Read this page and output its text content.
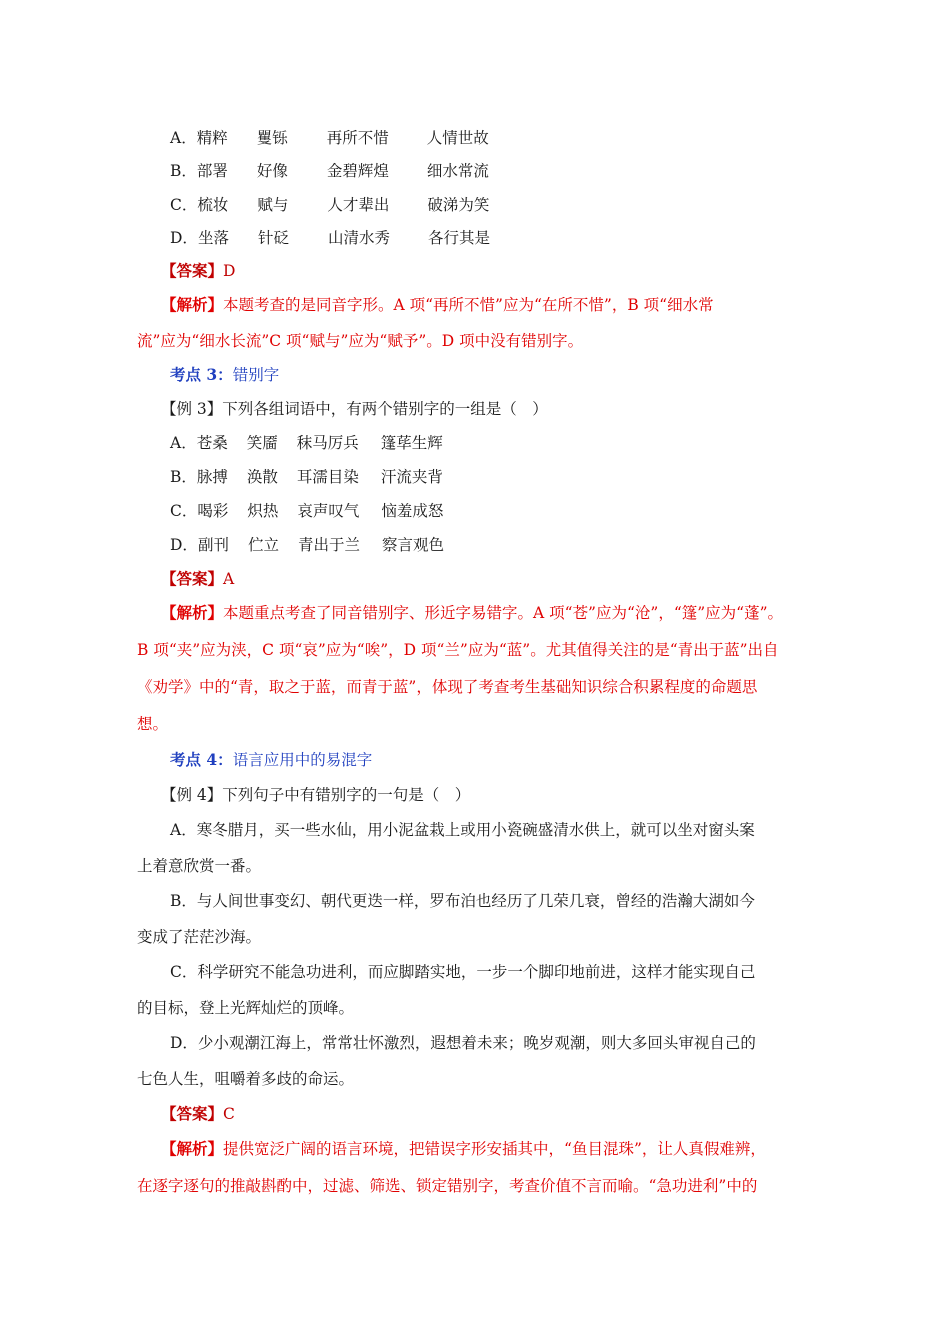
A．精粹 矍铄	再所不惜 人情世故
B．部署 好像	金碧辉煌 细水常流
C．梳妆 赋与	人才辈出 破涕为笑
D．坐落 针砭	山清水秀 各行其是
【答案】D
【解析】本题考查的是同音字形。A 项“再所不惜”应为“在所不惜”，B 项“细水常
流”应为“细水长流”C 项“赋与”应为“赋予”。D 项中没有错别字。
考点 3：错别字
【例 3】下列各组词语中，有两个错别字的一组是（　）
A．苍桑 笑靥 秣马厉兵 篷荜生辉
B．脉搏 涣散 耳濡目染 汗流夹背
C．喝彩 炽热 哀声叹气 恼羞成怒
D．副刊 伫立 青出于兰 察言观色
【答案】A
【解析】本题重点考查了同音错别字、形近字易错字。A 项“苍”应为“沧”，“篷”应为“蓬”。
B 项“夹”应为浃，C 项“哀”应为“唉”，D 项“兰”应为“蓝”。尤其值得关注的是“青出于蓝”出自
《劝学》中的“青，取之于蓝，而青于蓝”，体现了考查考生基础知识综合积累程度的命题思
想。
考点 4：语言应用中的易混字
【例 4】下列句子中有错别字的一句是（　）
A．寒冬腊月，买一些水仙，用小泥盆栽上或用小瓷碗盛清水供上，就可以坐对窗头案
上着意欣赏一番。
B．与人间世事变幻、朝代更迭一样，罗布泊也经历了几荣几衰，曾经的浩瀚大湖如今
变成了茫茫沙海。
C．科学研究不能急功进利，而应脚踏实地，一步一个脚印地前进，这样才能实现自己
的目标，登上光辉灿烂的顶峰。
D．少小观潮江海上，常常壮怀激烈，遐想着未来；晚岁观潮，则大多回头审视自己的
七色人生，咀嚼着多歧的命运。
【答案】C
【解析】提供宽泛广阔的语言环境，把错误字形安插其中，“鱼目混珠”，让人真假难辨，
在逐字逐句的推敲斟酌中，过滤、筛选、锁定错别字，考查价值不言而喻。“急功进利”中的
